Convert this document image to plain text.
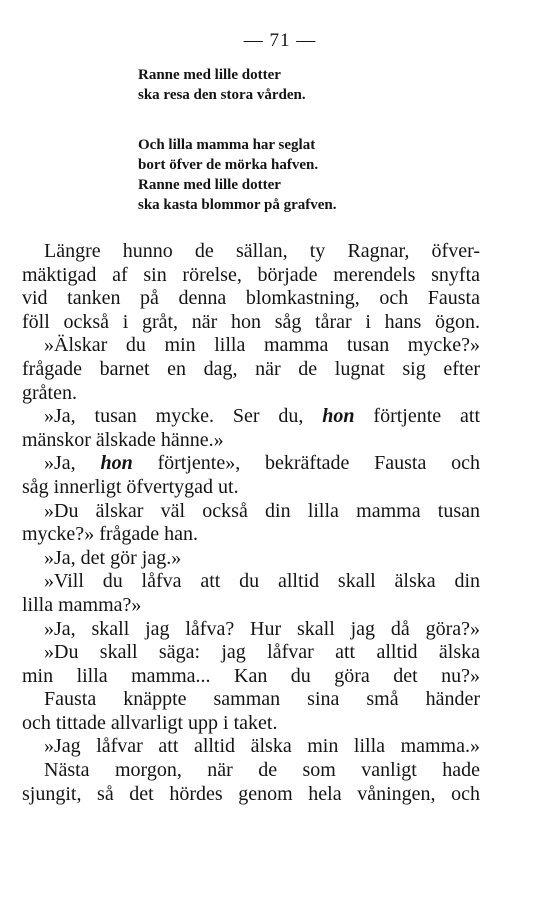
— 71 —
Ranne med lille dotter
ska resa den stora vården.
Och lilla mamma har seglat
bort öfver de mörka hafven.
Ranne med lille dotter
ska kasta blommor på grafven.
Längre hunno de sällan, ty Ragnar, öfver-
mäktigad af sin rörelse, började merendels snyfta
vid tanken på denna blomkastning, och Fausta
föll också i gråt, när hon såg tårar i hans ögon.
»Älskar du min lilla mamma tusan mycke?»
frågade barnet en dag, när de lugnat sig efter
gråten.
»Ja, tusan mycke. Ser du, hon förtjente att
mänskor älskade hänne.»
»Ja, hon förtjente», bekräftade Fausta och
såg innerligt öfvertygad ut.
»Du älskar väl också din lilla mamma tusan
mycke?» frågade han.
»Ja, det gör jag.»
»Vill du låfva att du alltid skall älska din
lilla mamma?»
»Ja, skall jag låfva? Hur skall jag då göra?»
»Du skall säga: jag låfvar att alltid älska
min lilla mamma... Kan du göra det nu?»
Fausta knäppte samman sina små händer
och tittade allvarligt upp i taket.
»Jag låfvar att alltid älska min lilla mamma.»
Nästa morgon, när de som vanligt hade
sjungit, så det hördes genom hela våningen, och
